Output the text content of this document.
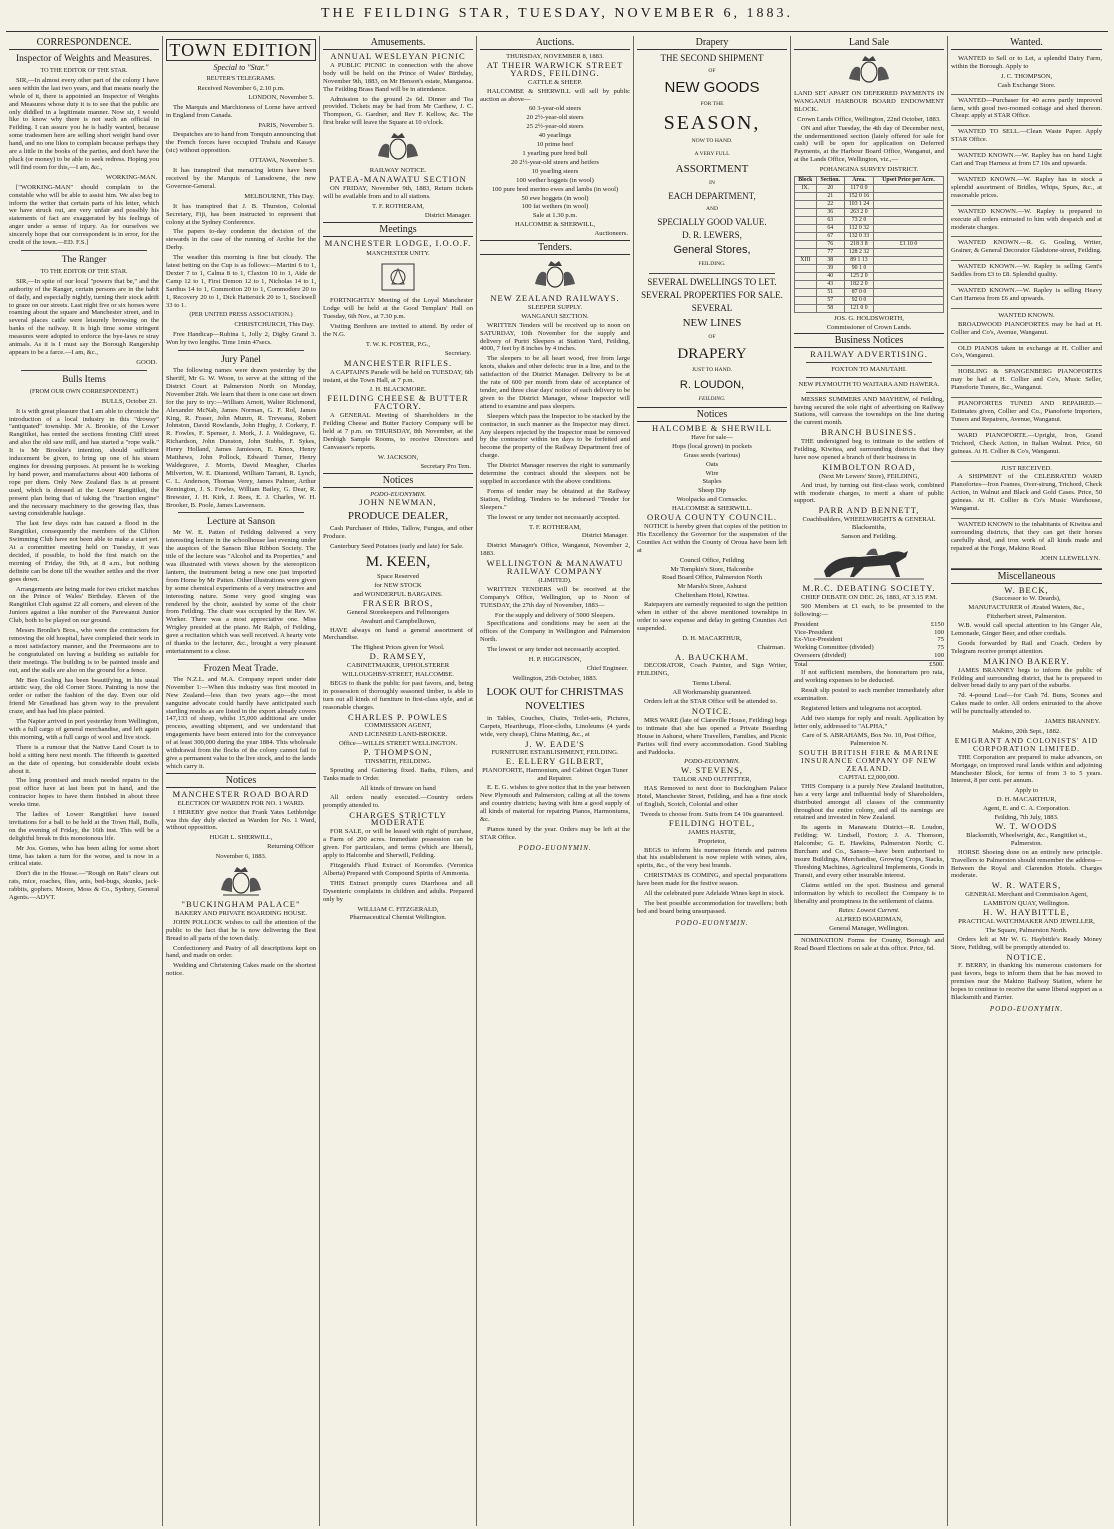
THE FEILDING STAR, TUESDAY, NOVEMBER 6, 1883.
CORRESPONDENCE.
Inspector of Weights and Measures.
TO THE EDITOR OF THE STAR.

SIR,—In almost every other part of the colony I have seen within the last two years, and that means nearly the whole of it, there is appointed an Inspector of Weights and Measures whose duty it is to see that the public are only diddled in a legitimate manner. Now sir, I would like to know why there is not such an official in Feilding. I can assure you he is badly wanted, because some tradesmen here are selling short weight hand over hand, and no one likes to complain because perhaps they are a little in the books of the parties, and don't have the pluck (or money) to be able to seek redress. Hoping you will find room for this,—I am, &c.,

WORKING-MAN.

["WORKING-MAN" should complain to the constable who will be able to assist him. We also beg to inform the writer that certain parts of his letter, which we have struck out, are very unfair and possibly his statements of fact are exaggerated by his feelings of anger under a sense of injury. As for ourselves we sincerely hope that our correspondent is in error, for the credit of the town.—ED. F.S.]

The Ranger
TO THE EDITOR OF THE STAR.

SIR,—In spite of our local "powers that be," and the authority of the Ranger, certain persons are in the habit of daily, and especially nightly, turning their stock adrift to graze on our streets. Last night five or six horses were roaming about the square and Manchester street, and in several places cattle were leisurely browsing on the banks of the railway. It is high time some stringent measures were adopted to enforce the bye-laws re stray animals. As it is I must say the Borough Rangership appears to be a farce.—I am, &c.,

GOOD.

Bulls Items
(FROM OUR OWN CORRESPONDENT.)
BULLS, October 23.

It is with great pleasure that I am able to chronicle the introduction of a local industry in this "drowsy" "antiquated" township. Mr A. Brookie, of the Lower Rangitikei, has rented the sections fronting Cliff street and also the old saw mill, and has started a "rope walk." It is Mr Brookie's intention, should sufficient inducement be given, to bring up one of his steam engines for dressing purposes. At present he is working by hand power, and manufactures about 400 fathoms of rope per diem. Only New Zealand flax is at present used, which is dressed at the Lower Rangitikei, the present plan being that of taking the "traction engine" and the necessary machinery to the growing flax, thus saving considerable haulage.

The last few days rain has caused a flood in the Rangitikei, consequently the members of the Clifton Swimming Club have not been able to make a start yet. At a committee meeting held on Tuesday, it was decided, if possible, to hold the first match on the morning of Friday, the 9th, at 8 a.m., but nothing definite can be done till the weather settles and the river goes down.

Arrangements are being made for two cricket matches on the Prince of Wales' Birthday. Eleven of the Rangitikei Club against 22 all comers, and eleven of the Juniors against a like number of the Parewanui Junior Club, both to be played on our ground.

Messrs Bronlie's Bros., who were the contractors for removing the old hospital, have completed their work in a most satisfactory manner, and the Freemasons are to be congratulated on having a building so suitable for their meetings. The building is to be painted inside and out, and the stalls are also on the ground for a fence.

Mr Ben Gosling has been beautifying, in his usual artistic way, the old Corner Store. Painting is now the order or rather the fashion of the day. Even our old friend Mr Greathead has given way to the prevalent craze, and has had his place painted.

The Napier arrived in port yesterday from Wellington, with a full cargo of general merchandise, and left again this morning, with a full cargo of wool and live stock.

There is a rumour that the Native Land Court is to hold a sitting here next month. The fifteenth is gazetted as the date of opening, but considerable doubt exists about it.

The long promised and much needed repairs to the post office have at last been put in hand, and the contractor hopes to have them finished in about three weeks time.

The ladies of Lower Rangitikei have issued invitations for a ball to be held at the Town Hall, Bulls, on the evening of Friday, the 16th inst. This will be a delightful break in this monotonous life.

Mr Jos. Gomes, who has been ailing for some short time, has taken a turn for the worse, and is now in a critical state.

Don't die in the House.—"Rough on Rats" clears out rats, mice, roaches, flies, ants, bed-bugs, skunks, jack-rabbits, gophers. Moore, Moss & Co., Sydney, General Agents.—ADVT.

TOWN EDITION
Special to "Star."
REUTER'S TELEGRAMS.
Received November 6, 2.10 p.m.
LONDON, November 5.

The Marquis and Marchioness of Lorne have arrived in England from Canada.

PARIS, November 5.

Despatches are to hand from Tonquin announcing that the French forces have occupied Truhsiu and Kasaye (sic) without opposition.

OTTAWA, November 5.

It has transpired that menacing letters have been received by the Marquis of Lansdowne, the new Governor-General.

MELBOURNE, This Day.

It has transpired that J. B. Thurston, Colonial Secretary, Fiji, has been instructed to represent that colony at the Sydney Conference.

The papers to-day condemn the decision of the stewards in the case of the running of Archie for the Derby.

The weather this morning is fine but cloudy. The latest betting on the Cup is as follows:—Martini 6 to 1, Dexter 7 to 1, Calma 8 to 1, Claxton 10 to 1, Aide de Camp 12 to 1, First Demon 12 to 1, Nicholas 14 to 1, Sardius 14 to 1, Commotion 20 to 1, Commodore 20 to 1, Recovery 20 to 1, Dick Hattersick 20 to 1, Stockwell 33 to 1.

(PER UNITED PRESS ASSOCIATION.)
CHRISTCHURCH, This Day.

Free Handicap—Rubina 1, Jolly 2, Digby Grand 3. Won by two lengths. Time 1min 47secs.

Jury Panel

The following names were drawn yesterday by the Sheriff, Mr G. W. Woon, to serve at the sitting of the District Court at Palmerston North on Monday, November 26th. We learn that there is one case set down for the jury to try:—William Arnott, Walter Richmond, Alexander McNab, James Norman, G. F. Rol, James King, R. Fraser, John Munro, R. Treveana, Robert Johnston, David Rowlands, John Hughy, J. Corkery, F. R. Fowles, F. Spenser, J. Mork, J. J. Waldegrave, G. Richardson, John Dunston, John Stubbs, F. Sykes, Henry Holland, James Jamieson, E. Knox, Henry Matthews, John Pollock, Edward Turner, Henry Waldegrave, J. Morris, David Meagher, Charles Milverton, W. E. Diamond, William Tarrant, R. Lynch, C. L. Anderson, Thomas Verey, James Palmer, Arthur Remington, J. S. Fowles, William Bailey, G. Dear, R. Brewster, J. H. Kirk, J. Rees, E. J. Charles, W. H. Brooker, B. Poole, James Lawrenson.

Lecture at Sanson

Mr W. E. Patten of Feilding delivered a very interesting lecture in the schoolhouse last evening under the auspices of the Sanson Blue Ribbon Society. The title of the lecture was "Alcohol and its Properties," and was illustrated with views shown by the stereopticon lantern, the instrument being a new one just imported from Home by Mr Patten. Other illustrations were given by some chemical experiments of a very instructive and interesting nature. Some very good singing was rendered by the choir, assisted by some of the choir from Feilding. The chair was occupied by the Rev. W. Worker. There was a most appreciative one. Miss Wrigley presided at the piano. Mr Ralph, of Feilding, gave a recitation which was well received. A hearty vote of thanks to the lecturer, &c., brought a very pleasant entertainment to a close.

Frozen Meat Trade.

The N.Z.L. and M.A. Company report under date November 1:—When this industry was first mooted in New Zealand—less than two years ago—the most sanguine advocate could hardly have anticipated such startling results as are listed in the export already covers 147,133 of sheep, whilst 15,000 additional are under process, awaiting shipment, and we understand that engagements have been entered into for the conveyance of at least 300,000 during the year 1884. This wholesale withdrawal from the flocks of the colony cannot fail to give a permanent value to the live stock, and to the lands which carry it.

Notices
MANCHESTER ROAD BOARD
ELECTION OF WARDEN FOR NO. 1 WARD.

I HEREBY give notice that Frank Yates Lethbridge was this day duly elected as Warden for No. 1 Ward, without opposition.

HUGH L. SHERWILL,
Returning Officer
November 6, 1883.
"BUCKINGHAM PALACE"
BAKERY AND PRIVATE BOARDING HOUSE.

JOHN POLLOCK wishes to call the attention of the public to the fact that he is now delivering the Best Bread to all parts of the town daily.

Confectionery and Pastry of all descriptions kept on hand, and made on order.

Wedding and Christening Cakes made on the shortest notice.

Amusements.
ANNUAL WESLEYAN PICNIC

A PUBLIC PICNIC in connection with the above body will be held on the Prince of Wales' Birthday, November 9th, 1883, on Mr Henson's estate, Manganoa. The Feilding Brass Band will be in attendance.

Admission to the ground 2s 6d. Dinner and Tea provided. Tickets may be had from Mr Carthew, J. C. Thompson, G. Gardner, and Rev F. Kellow, &c. The first brake will leave the Square at 10 o'clock.

RAILWAY NOTICE.
PATEA-MANAWATU SECTION

ON FRIDAY, November 9th, 1883, Return tickets will be available from and to all stations.

T. F. ROTHERAM,
District Manager.
Meetings
MANCHESTER LODGE, I.O.O.F.
MANCHESTER UNITY.

FORTNIGHTLY Meeting of the Loyal Manchester Lodge will be held at the Good Templars' Hall on Tuesday, 6th Nov., at 7.30 p.m.

Visiting Brethren are invited to attend. By order of the N.G.

T. W. K. FOSTER, P.G.,
Secretary.
MANCHESTER RIFLES.

A CAPTAIN'S Parade will be held on TUESDAY, 6th instant, at the Town Hall, at 7 p.m.

J. H. BLACKMORE.
FEILDING CHEESE & BUTTER FACTORY.

A GENERAL Meeting of Shareholders in the Feilding Cheese and Butter Factory Company will be held at 7 p.m. on THURSDAY, 8th November, at the Denbigh Sample Rooms, to receive Directors and Canvasser's reports.

W. JACKSON,
Secretary Pro Tem.
Notices
PODO-EUONYMIN.
JOHN NEWMAN,
PRODUCE DEALER,

Cash Purchaser of Hides, Tallow, Fungus, and other Produce.

Canterbury Seed Potatoes (early and late) for Sale.

M. KEEN,
Space Reserved
for NEW STOCK
and WONDERFUL BARGAINS.
FRASER BROS,
General Storekeepers and Fellmongers
Awahuri and Campbelltown,

HAVE always on hand a general assortment of Merchandise.

The Highest Prices given for Wool.

D. RAMSEY,
CABINETMAKER, UPHOLSTERER
WILLOUGHBY-STREET, HALCOMBE.

BEGS to thank the public for past favors, and, being in possession of thoroughly seasoned timber, is able to turn out all kinds of furniture in first-class style, and at reasonable charges.

CHARLES P. POWLES
COMMISSION AGENT,
AND LICENSED LAND-BROKER.
Office—WILLIS STREET WELLINGTON.
P. THOMPSON,
TINSMITH, FEILDING.

Spouting and Guttering fixed. Baths, Filters, and Tanks made to Order.

All kinds of tinware on hand

All orders neatly executed.—Country orders promptly attended to.

CHARGES STRICTLY MODERATE

FOR SALE, or will be leased with right of purchase, a Farm of 200 acres. Immediate possession can be given. For particulars, and terms (which are liberal), apply to Halcombe and Sherwill, Feilding.

Fitzgerald's Fluid Extract of Koromiko. (Veronica Alberta) Prepared with Compound Spirits of Ammonia.

THIS Extract promptly cures Diarrhoea and all Dysenteric complaints in children and adults. Prepared only by

WILLIAM C. FITZGERALD,
Pharmaceutical Chemist Wellington.
Auctions.
THURSDAY, NOVEMBER 8, 1883.
AT THEIR WARWICK STREET YARDS, FEILDING.
CATTLE & SHEEP.

HALCOMBE & SHERWILL will sell by public auction as above—

60 3-year-old steers
20 2½-year-old steers
25 2½-year-old steers
40 yearlings
10 prime beef
1 yearling pure bred bull
20 2½-year-old steers and heifers
10 yearling steers
100 wether hoggets (in wool)
100 pure bred merino ewes and lambs (in wool)
50 ewe hoggets (in wool)
100 fat wethers (in wool)
Sale at 1.30 p.m.
HALCOMBE & SHERWILL,
Auctioneers.
Tenders.
NEW ZEALAND RAILWAYS.
SLEEPER SUPPLY.
WANGANUI SECTION.

WRITTEN Tenders will be received up to noon on SATURDAY, 10th November for the supply and delivery of Puriri Sleepers at Station Yard, Feilding, 4000, 7 feet by 8 inches by 4 inches.

The sleepers to be all heart wood, free from large knots, shakes and other defects: true in a line, and to the satisfaction of the District Manager. Delivery to be at the rate of 600 per month from date of acceptance of tender, and three clear days' notice of each delivery to be given to the District Manager, whose Inspector will attend to examine and pass sleepers.

Sleepers which pass the Inspector to be stacked by the contractor, in such manner as the Inspector may direct. Any sleepers rejected by the Inspector must be removed by the contractor within ten days to be forfeited and become the property of the Railway Department free of charge.

The District Manager reserves the right to summarily determine the contract should the sleepers not be supplied in accordance with the above conditions.

Forms of tender may be obtained at the Railway Station, Feilding. Tenders to be indorsed "Tender for Sleepers."

The lowest or any tender not necessarily accepted.

T. F. ROTHERAM,
District Manager.

District Manager's Office, Wanganui, November 2, 1883.

WELLINGTON & MANAWATU RAILWAY COMPANY
(LIMITED).

WRITTEN TENDERS will be received at the Company's Office, Wellington, up to Noon of TUESDAY, the 27th day of November, 1883—

For the supply and delivery of 5000 Sleepers.

Specifications and conditions may be seen at the offices of the Company in Wellington and Palmerston North.

The lowest or any tender not necessarily accepted.

H. P. HIGGINSON,
Chief Engineer.
Wellington, 25th October, 1883.
LOOK OUT for CHRISTMAS NOVELTIES

in Tables, Couches, Chairs, Toilet-sets, Pictures, Carpets, Hearthrugs, Floor-cloths, Linoleums (4 yards wide, very cheap), China Matting, &c., at

J. W. EADE'S
FURNITURE ESTABLISHMENT, FEILDING.
E. ELLERY GILBERT,
PIANOFORTE, Harmonium, and Cabinet Organ Tuner and Repairer.

E. E. G. wishes to give notice that in the year between New Plymouth and Palmerston, calling at all the towns and country districts; having with him a good supply of all kinds of material for repairing Pianos, Harmoniums, &c.

Pianos tuned by the year. Orders may be left at the STAR Office.

PODO-EUONYMIN.
Drapery
THE SECOND SHIPMENT
OF
NEW GOODS
FOR THE
SEASON,
NOW TO HAND.
A VERY FULL
ASSORTMENT
IN
EACH DEPARTMENT,
AND
SPECIALLY GOOD VALUE.
D. R. LEWERS,
General Stores,
FEILDING.
SEVERAL DWELLINGS TO LET.
SEVERAL PROPERTIES FOR SALE.
SEVERAL
NEW LINES
OF
DRAPERY
JUST TO HAND.
R. LOUDON,
FEILDING.
Notices
HALCOMBE & SHERWILL
Have for sale—
Hops (local grown) in pockets
Grass seeds (various)
Oats
Wire
Staples
Sheep Dip
Woolpacks and Cornsacks.
HALCOMBE & SHERWILL.
OROUA COUNTY COUNCIL.

NOTICE is hereby given that copies of the petition to His Excellency the Governor for the suspension of the Counties Act within the County of Oroua have been left at

Council Office, Feilding
Mr Tompkin's Store, Halcombe
Road Board Office, Palmerston North
Mr Marsh's Store, Ashurst
Cheltenham Hotel, Kiwitea.

Ratepayers are earnestly requested to sign the petition when in either of the above mentioned townships in order to save expense and delay in getting Counties Act suspended.

D. H. MACARTHUR,
Chairman.
A. BAUCKHAM.

DECORATOR, Coach Painter, and Sign Writer, FEILDING,

Terms Liberal.
All Workmanship guaranteed.

Orders left at the STAR Office will be attended to.

NOTICE.

MRS WARE (late of Clareville House, Feilding) begs to intimate that she has opened a Private Boarding House in Ashurst, where Travellers, Families, and Picnic Parties will find every accommodation. Good Stabling and Paddocks.

PODO-EUONYMIN.
W. STEVENS,
TAILOR AND OUTFITTER,

HAS Removed to next door to Buckingham Palace Hotel, Manchester Street, Feilding, and has a fine stock of English, Scotch, Colonial and other

Tweeds to choose from. Suits from £4 10s guaranteed.

FEILDING HOTEL,
JAMES HASTIE,
Proprietor,

BEGS to inform his numerous friends and patrons that his establishment is now replete with wines, ales, spirits, &c., of the very best brands.

CHRISTMAS IS COMING, and special preparations have been made for the festive season.

All the celebrated pure Adelaide Wines kept in stock.

The best possible accommodation for travellers; both bed and board being unsurpassed.

PODO-EUONYMIN.
Land Sale

LAND SET APART ON DEFERRED PAYMENTS IN WANGANUI HARBOUR BOARD ENDOWMENT BLOCK.

Crown Lands Office, Wellington, 22nd October, 1883.

ON and after Tuesday, the 4th day of December next, the undermentioned section (lately offered for sale for cash) will be open for application on Deferred Payments, at the Harbour Board Office, Wanganui, and at the Lands Office, Wellington, viz.,—

POHANGINA SURVEY DISTRICT.
Block	Section.	Area.	Upset Price per Acre.
IX.	20	117 0 0	
	21	152 0 16	
	22	103 1 24	
	36	263 2 0	
	63	73 2 0	
	64	112 0 32	
	67	132 0 33	
	76	218 3 8	£1 10 0
	77	128 2 32	
XIII	38	89 1 13	
	39	90 1 0	
	40	125 2 0	
	43	182 2 0	
	51	87 0 0	
	57	92 0 0	
	58	121 0 0	
JOS. G. HOLDSWORTH,
Commissioner of Crown Lands.
Business Notices
RAILWAY ADVERTISING.
FOXTON TO MANUTAHI.
NEW PLYMOUTH TO WAITARA AND HAWERA.

MESSRS SUMMERS AND MAYHEW, of Feilding, having secured the sole right of advertising on Railway Stations, will canvass the townships on the line during the current month.

BRANCH BUSINESS.

THE undersigned beg to intimate to the settlers of Feilding, Kiwitea, and surrounding districts that they have now opened a branch of their business in

KIMBOLTON ROAD,
(Next Mr Lewers' Store), FEILDING,

And trust, by turning out first-class work, combined with moderate charges, to merit a share of public support.

PARR AND BENNETT,
Coachbuilders, WHEELWRIGHTS & GENERAL Blacksmiths,
Sanson and Feilding.
M.R.C. DEBATING SOCIETY.
CHIEF DEBATE ON DEC. 26, 1883, AT 3.15 P.M.

500 Members at £1 each, to be presented to the following:—

President	£150
Vice-President	100
Ex-Vice-President	75
Working Committee (divided)	75
Overseers (divided)	100
Total	£500.

If not sufficient members, the honorarium pro rata, and working expenses to be deducted.

Result slip posted to each member immediately after examination.

Registered letters and telegrams not accepted.

Add two stamps for reply and result. Application by letter only, addressed to "ALPHA,"

Care of S. ABRAHAMS, Box No. 10, Post Office, Palmerston N.
SOUTH BRITISH FIRE & MARINE INSURANCE COMPANY OF NEW ZEALAND.
CAPITAL £2,000,000.

THIS Company is a purely New Zealand Institution, has a very large and influential body of Shareholders, distributed amongst all classes of the community throughout the entire colony, and all its earnings are retained and invested in New Zealand.

Its agents in Manawatu District—R. Loudon, Feilding; W. Lindsell, Foxton; J. A. Thomson, Halcombe; G. E. Hawkins, Palmerston North; C. Burcham and Co., Sanson—have been authorised to insure Buildings, Merchandise, Growing Crops, Stacks, Threshing Machines, Agricultural Implements, Goods in Transit, and every other insurable interest.

Claims settled on the spot. Business and general information by which to recollect the Company is to liberality and promptness in the settlement of claims.

Rates: Lowest Current.
ALFRED BOARDMAN,
General Manager, Wellington.

NOMINATION Forms for County, Borough and Road Board Elections on sale at this office. Price, 6d.

Wanted.

WANTED to Sell or to Let, a splendid Dairy Farm, within the Borough. Apply to

J. C. THOMPSON,
Cash Exchange Store.

WANTED—Purchaser for 40 acres partly improved farm, with good two-roomed cottage and shed thereon. Cheap: apply at STAR Office.

WANTED TO SELL.—Clean Waste Paper. Apply STAR Office.

WANTED KNOWN.—W. Rapley has on hand Light Cart and Trap Harness at from £7 10s and upwards.

WANTED KNOWN.—W. Rapley has in stock a splendid assortment of Bridles, Whips, Spurs, &c., at reasonable prices.

WANTED KNOWN.—W. Rapley is prepared to execute all orders entrusted to him with despatch and at moderate charges.

WANTED KNOWN.—R. G. Gosling, Writer, Grainer, & General Decorator Gladstone-street, Feilding.

WANTED KNOWN.—W. Rapley is selling Gent's Saddles from £3 to £8. Splendid quality.

WANTED KNOWN.—W. Rapley is selling Heavy Cart Harness from £6 and upwards.

WANTED KNOWN.

BROADWOOD PIANOFORTES may be had at H. Collier and Co's, Avenue, Wanganui.

OLD PIANOS taken in exchange at H. Collier and Co's, Wanganui.

HOBLING & SPANGENBERG PIANOFORTES may be had at H. Collier and Co's, Music Seller, Pianoforte Tuners, &c., Wanganui.

PIANOFORTES TUNED AND REPAIRED.—Estimates given, Collier and Co., Pianoforte Importers, Tuners and Repairers, Avenue, Wanganui.

WARD PIANOFORTE.—Upright, Iron, Grand Trichord, Check Action, in Italian Walnut. Price, 60 guineas. At H. Collier & Co's, Wanganui.

JUST RECEIVED.

A SHIPMENT of the CELEBRATED WARD Pianofortes—Iron Frames, Over-strung, Trichord, Check Action, in Walnut and Black and Gold Cases. Price, 50 guineas. At H. Collier & Co's Music Warehouse, Wanganui.

WANTED KNOWN to the inhabitants of Kiwitea and surrounding districts, that they can get their horses carefully shod, and iron work of all kinds made and repaired at the Forge, Makino Road.

JOHN LLEWELLYN.
Miscellaneous
W. BECK,
(Successor to W. Deards),
MANUFACTURER of Ærated Waters, &c.,
Fitzherbert street, Palmerston.

W.B. would call special attention to his Ginger Ale, Lemonade, Ginger Beer, and other cordials.

Goods forwarded by Rail and Coach. Orders by Telegram receive prompt attention.

MAKINO BAKERY.

JAMES BRANNEY begs to inform the public of Feilding and surrounding district, that he is prepared to deliver bread daily to any part of the suburbs.

7d. 4-pound Loaf—for Cash 7d. Buns, Scones and Cakes made to order. All orders entrusted to the above will be punctually attended to.

JAMES BRANNEY.
Makino, 20th Sept., 1882.
EMIGRANT AND COLONISTS' AID CORPORATION LIMITED.

THE Corporation are prepared to make advances, on Mortgage, on improved rural lands within and adjoining Manchester Block, for terms of from 3 to 5 years. Interest, 8 per cent. per annum.

Apply to
D. H. MACARTHUR,
Agent, E. and C. A. Corporation.
Feilding, 7th July, 1883.
W. T. WOODS
Blacksmith, Wheelwright, &c., Rangitikei st., Palmerston.

HORSE Shoeing done on an entirely new principle. Travellers to Palmerston should remember the address—Between the Royal and Clarendon Hotels. Charges moderate.

W. R. WATERS,
GENERAL Merchant and Commission Agent,
LAMBTON QUAY, Wellington.
H. W. HAYBITTLE,
PRACTICAL WATCHMAKER AND JEWELLER,
The Square, Palmerston North.

Orders left at Mr W. G. Haybittle's Ready Money Store, Feilding, will be promptly attended to.

NOTICE.

F. BERRY, in thanking his numerous customers for past favors, begs to inform them that he has moved to premises near the Makino Railway Station, where he hopes to continue to receive the same liberal support as a Blacksmith and Farrier.

PODO-EUONYMIN.
